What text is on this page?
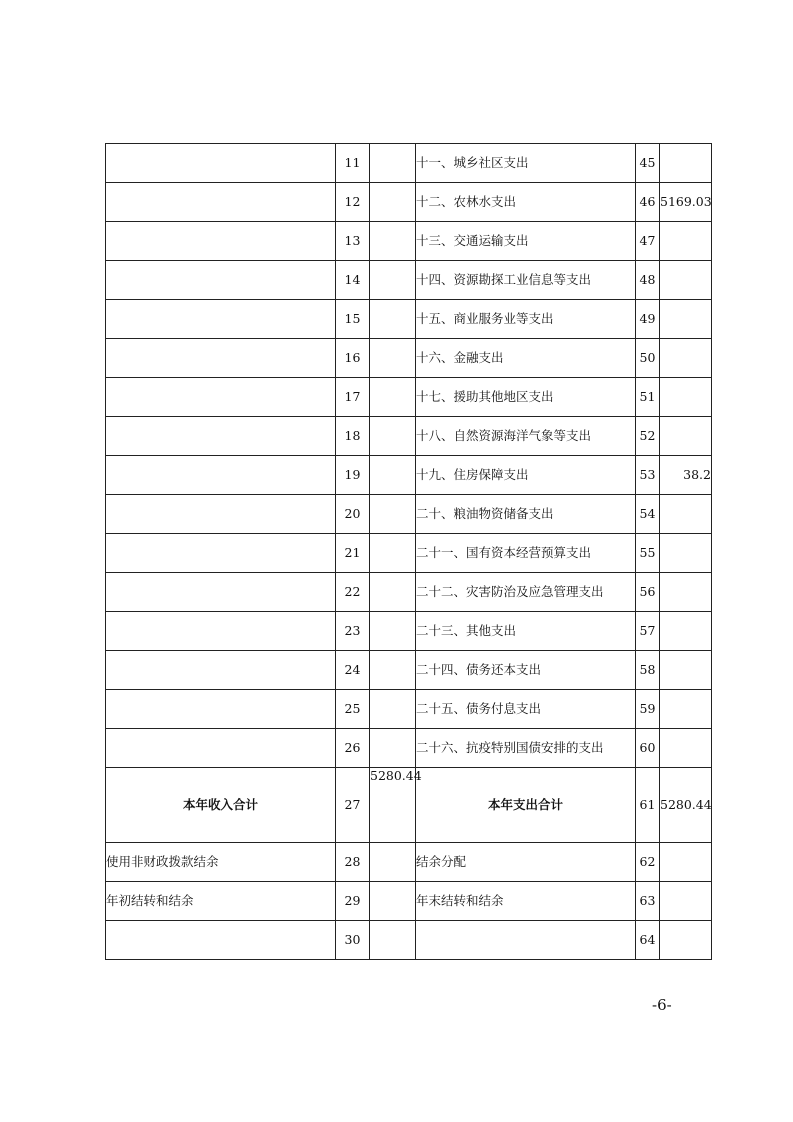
	11		十一、城乡社区支出	45	
	12		十二、农林水支出	46	5169.03
	13		十三、交通运输支出	47	
	14		十四、资源勘探工业信息等支出	48	
	15		十五、商业服务业等支出	49	
	16		十六、金融支出	50	
	17		十七、援助其他地区支出	51	
	18		十八、自然资源海洋气象等支出	52	
	19		十九、住房保障支出	53	38.2
	20		二十、粮油物资储备支出	54	
	21		二十一、国有资本经营预算支出	55	
	22		二十二、灾害防治及应急管理支出	56	
	23		二十三、其他支出	57	
	24		二十四、债务还本支出	58	
	25		二十五、债务付息支出	59	
	26		二十六、抗疫特别国债安排的支出	60	
本年收入合计	27	5280.44	本年支出合计	61	5280.44
使用非财政拨款结余	28		结余分配	62	
年初结转和结余	29		年末结转和结余	63	
	30			64	
-6-
